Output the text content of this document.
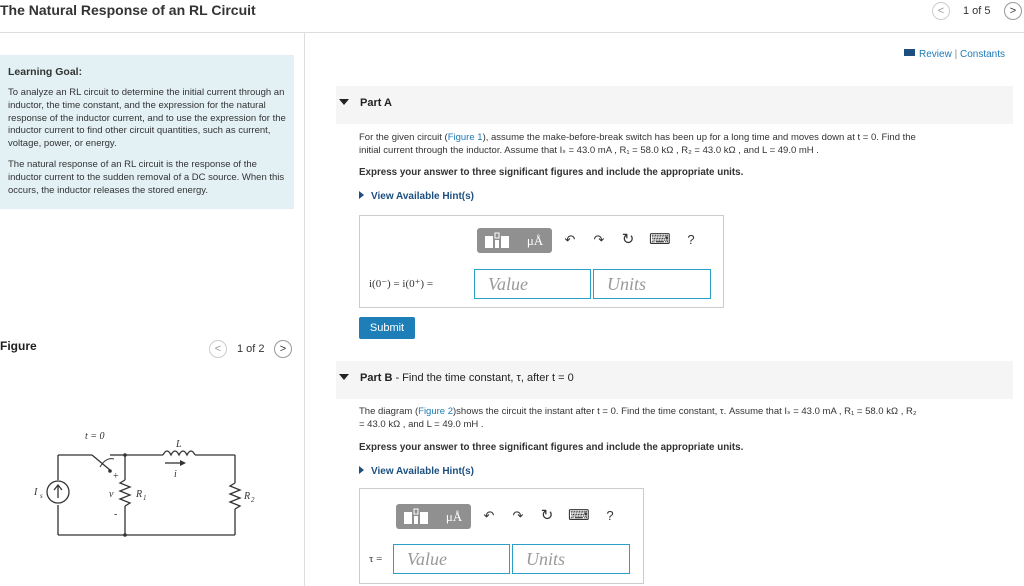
The Natural Response of an RL Circuit	<	1 of 5	>
Learning Goal:

To analyze an RL circuit to determine the initial current through an inductor, the time constant, and the expression for the natural response of the inductor current, and to use the expression for the inductor current to find other circuit quantities, such as current, voltage, power, or energy.

The natural response of an RL circuit is the response of the inductor current to the sudden removal of a DC source. When this occurs, the inductor releases the stored energy.

Figure	<	1 of 2	>
t = 0
L
i
I s	v
+
-
R 1	R 2
Review | Constants
Part A
For the given circuit (Figure 1), assume the make-before-break switch has been up for a long time and moves down at t = 0. Find the
initial current through the inductor. Assume that Iₛ = 43.0 mA , R₁ = 58.0 kΩ , R₂ = 43.0 kΩ , and L = 49.0 mH .
Express your answer to three significant figures and include the appropriate units.
View Available Hint(s)
μÅ	↶ ↷ ↻ ⌨	?
i(0⁻) = i(0⁺) =	Value	Units
Submit
Part B - Find the time constant, τ, after t = 0
The diagram (Figure 2)shows the circuit the instant after t = 0. Find the time constant, τ. Assume that Iₛ = 43.0 mA , R₁ = 58.0 kΩ , R₂
= 43.0 kΩ , and L = 49.0 mH .
Express your answer to three significant figures and include the appropriate units.
View Available Hint(s)
μÅ	↶ ↷ ↻ ⌨	?
τ =	Value	Units
